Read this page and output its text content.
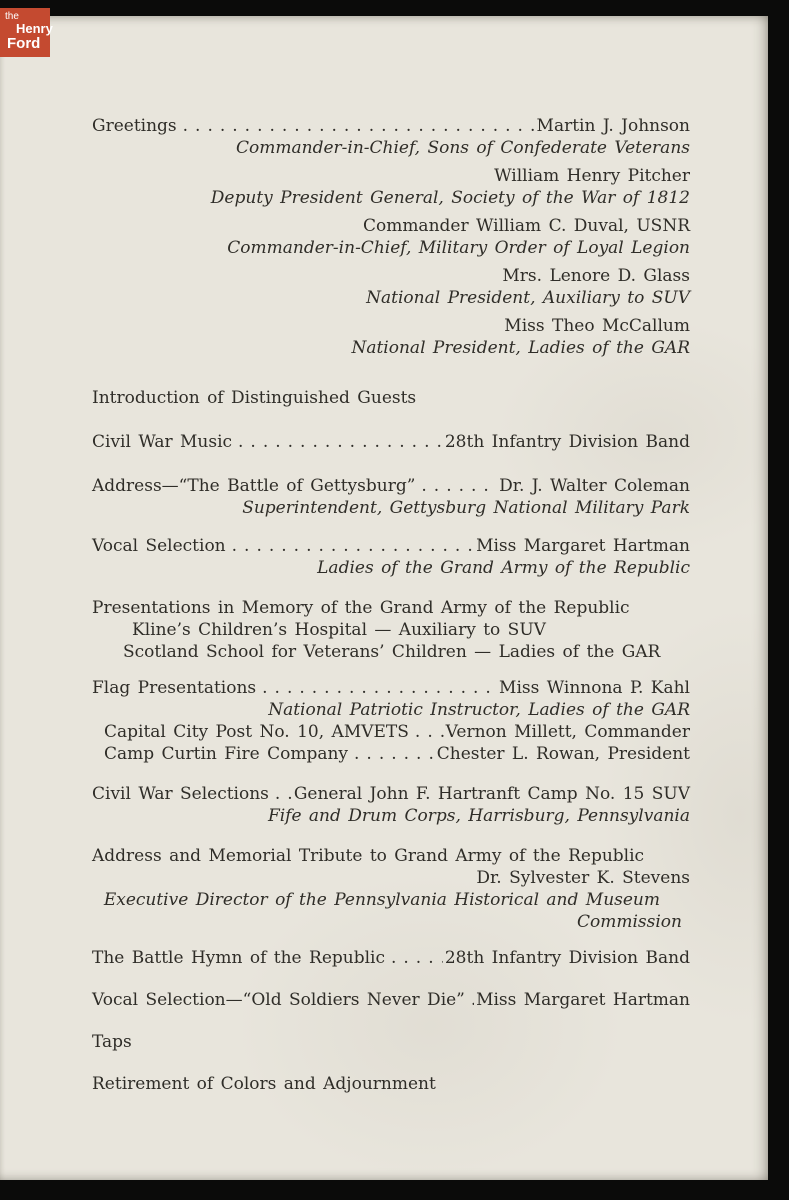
Greetings .....	Martin J. Johnson
Commander-in-Chief, Sons of Confederate Veterans
William Henry Pitcher
Deputy President General, Society of the War of 1812
Commander William C. Duval, USNR
Commander-in-Chief, Military Order of Loyal Legion
Mrs. Lenore D. Glass
National President, Auxiliary to SUV
Miss Theo McCallum
National President, Ladies of the GAR
Introduction of Distinguished Guests
Civil War Music .....	28th Infantry Division Band
Address—“The Battle of Gettysburg” .....	Dr. J. Walter Coleman
Superintendent, Gettysburg National Military Park
Vocal Selection .....	Miss Margaret Hartman
Ladies of the Grand Army of the Republic
Presentations in Memory of the Grand Army of the Republic
Kline’s Children’s Hospital — Auxiliary to SUV
Scotland School for Veterans’ Children — Ladies of the GAR
Flag Presentations .....	Miss Winnona P. Kahl
National Patriotic Instructor, Ladies of the GAR
Capital City Post No. 10, AMVETS ..... Vernon Millett, Commander
Camp Curtin Fire Company .....	Chester L. Rowan, President
Civil War Selections ..... General John F. Hartranft Camp No. 15 SUV
Fife and Drum Corps, Harrisburg, Pennsylvania
Address and Memorial Tribute to Grand Army of the Republic
Dr. Sylvester K. Stevens
Executive Director of the Pennsylvania Historical and Museum
Commission
The Battle Hymn of the Republic .....	28th Infantry Division Band
Vocal Selection—“Old Soldiers Never Die” ..... Miss Margaret Hartman
Taps
Retirement of Colors and Adjournment
the
Henry
Ford
